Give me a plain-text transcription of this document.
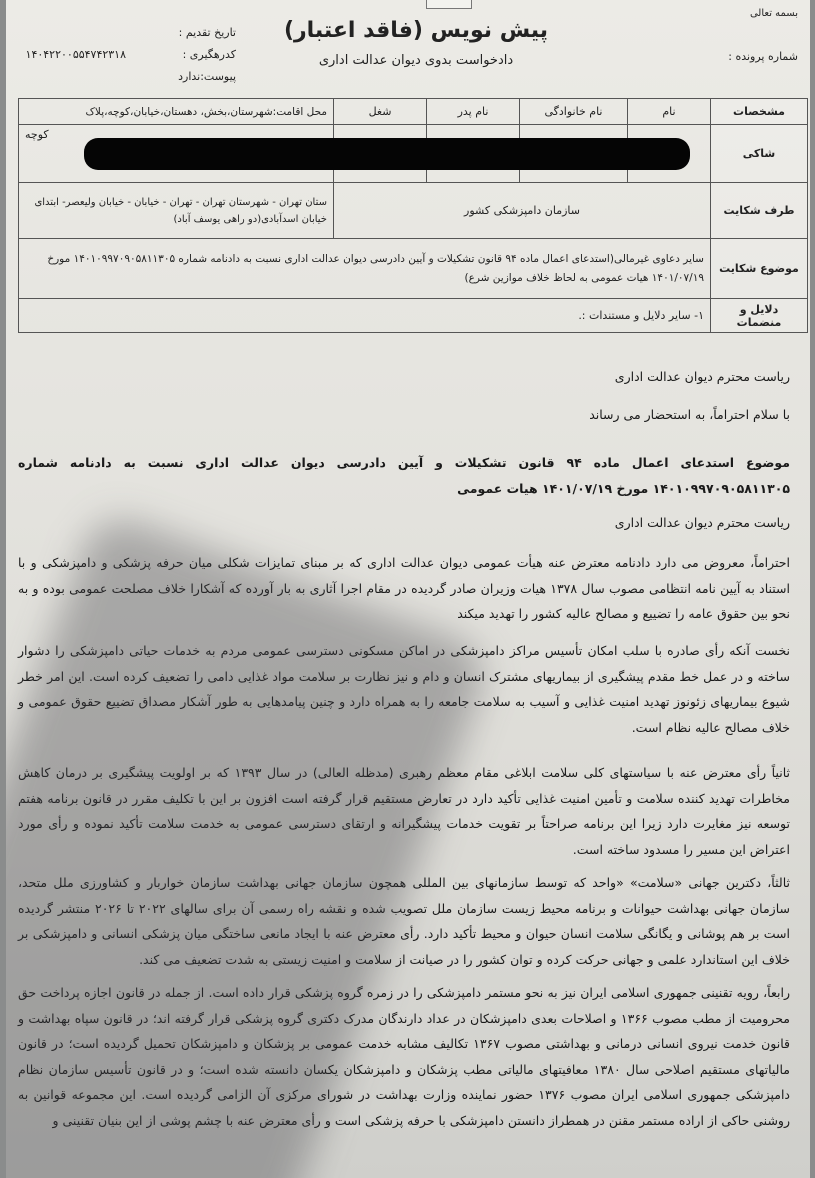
بسمه تعالی
شماره پرونده :
پیش نویس (فاقد اعتبار)
دادخواست بدوی دیوان عدالت اداری
تاریخ تقدیم :
کدرهگیری :
پیوست:ندارد

۱۴۰۴۲۲۰۰۵۵۴۷۴۲۳۱۸
مشخصات	نام	نام خانوادگی	نام پدر	شغل	محل اقامت:شهرستان،بخش، دهستان،خیابان،کوچه،پلاک
شاکی					کوچه
طرف شکایت	سازمان دامپزشکی کشور				ستان تهران - شهرستان تهران - تهران - خیابان - خیابان ولیعصر- ابتدای خیابان اسدآبادی(دو راهی یوسف آباد)
موضوع شکایت	سایر دعاوی غیرمالی(استدعای اعمال ماده ۹۴ قانون تشکیلات و آیین دادرسی دیوان عدالت اداری نسبت به دادنامه شماره ۱۴۰۱۰۹۹۷۰۹۰۵۸۱۱۳۰۵ مورخ ۱۴۰۱/۰۷/۱۹ هیات عمومی به لحاظ خلاف موازین شرع)				
دلایل و منضمات	۱- سایر دلایل و مستندات :.				
ریاست محترم دیوان عدالت اداری
با سلام احتراماً، به استحضار می رساند
موضوع استدعای اعمال ماده ۹۴ قانون تشکیلات و آیین دادرسی دیوان عدالت اداری نسبت به دادنامه شماره ۱۴۰۱۰۹۹۷۰۹۰۵۸۱۱۳۰۵ مورخ ۱۴۰۱/۰۷/۱۹ هیات عمومی
ریاست محترم دیوان عدالت اداری
احتراماً، معروض می دارد دادنامه معترض عنه هیأت عمومی دیوان عدالت اداری که بر مبنای تمایزات شکلی میان حرفه پزشکی و دامپزشکی و با استناد به آیین نامه انتظامی مصوب سال ۱۳۷۸ هیات وزیران صادر گردیده در مقام اجرا آثاری به بار آورده که آشکارا خلاف مصلحت عمومی بوده و به نحو بین حقوق عامه را تضییع و مصالح عالیه کشور را تهدید میکند
نخست آنکه رأی صادره با سلب امکان تأسیس مراکز دامپزشکی در اماکن مسکونی دسترسی عمومی مردم به خدمات حیاتی دامپزشکی را دشوار ساخته و در عمل خط مقدم پیشگیری از بیماریهای مشترک انسان و دام و نیز نظارت بر سلامت مواد غذایی دامی را تضعیف کرده است. این امر خطر شیوع بیماریهای زئونوز تهدید امنیت غذایی و آسیب به سلامت جامعه را به همراه دارد و چنین پیامدهایی به طور آشکار مصداق تضییع حقوق عمومی و خلاف مصالح عالیه نظام است.
ثانیاً رأی معترض عنه با سیاستهای کلی سلامت ابلاغی مقام معظم رهبری (مدظله العالی) در سال ۱۳۹۳ که بر اولویت پیشگیری بر درمان کاهش مخاطرات تهدید کننده سلامت و تأمین امنیت غذایی تأکید دارد در تعارض مستقیم قرار گرفته است افزون بر این با تکلیف مقرر در قانون برنامه هفتم توسعه نیز مغایرت دارد زیرا این برنامه صراحتاً بر تقویت خدمات پیشگیرانه و ارتقای دسترسی عمومی به خدمت سلامت تأکید نموده و رأی مورد اعتراض این مسیر را مسدود ساخته است.
ثالثاً، دکترین جهانی «سلامت» «واحد که توسط سازمانهای بین المللی همچون سازمان جهانی بهداشت سازمان خواربار و کشاورزی ملل متحد، سازمان جهانی بهداشت حیوانات و برنامه محیط زیست سازمان ملل تصویب شده و نقشه راه رسمی آن برای سالهای ۲۰۲۲ تا ۲۰۲۶ منتشر گردیده است بر هم پوشانی و یگانگی سلامت انسان حیوان و محیط تأکید دارد. رأی معترض عنه با ایجاد مانعی ساختگی میان پزشکی انسانی و دامپزشکی بر خلاف این استاندارد علمی و جهانی حرکت کرده و توان کشور را در صیانت از سلامت و امنیت زیستی به شدت تضعیف می کند.
رابعاً، رویه تقنینی جمهوری اسلامی ایران نیز به نحو مستمر دامپزشکی را در زمره گروه پزشکی قرار داده است. از جمله در قانون اجازه پرداخت حق محرومیت از مطب مصوب ۱۳۶۶ و اصلاحات بعدی دامپزشکان در عداد دارندگان مدرک دکتری گروه پزشکی قرار گرفته اند؛ در قانون سپاه بهداشت و قانون خدمت نیروی انسانی درمانی و بهداشتی مصوب ۱۳۶۷ تکالیف مشابه خدمت عمومی بر پزشکان و دامپزشکان تحمیل گردیده است؛ در قانون مالیاتهای مستقیم اصلاحی سال ۱۳۸۰ معافیتهای مالیاتی مطب پزشکان و دامپزشکان یکسان دانسته شده است؛ و در قانون تأسیس سازمان نظام دامپزشکی جمهوری اسلامی ایران مصوب ۱۳۷۶ حضور نماینده وزارت بهداشت در شورای مرکزی آن الزامی گردیده است. این مجموعه قوانین به روشنی حاکی از اراده مستمر مقنن در همطراز دانستن دامپزشکی با حرفه پزشکی است و رأی معترض عنه با چشم پوشی از این بنیان تقنینی و
